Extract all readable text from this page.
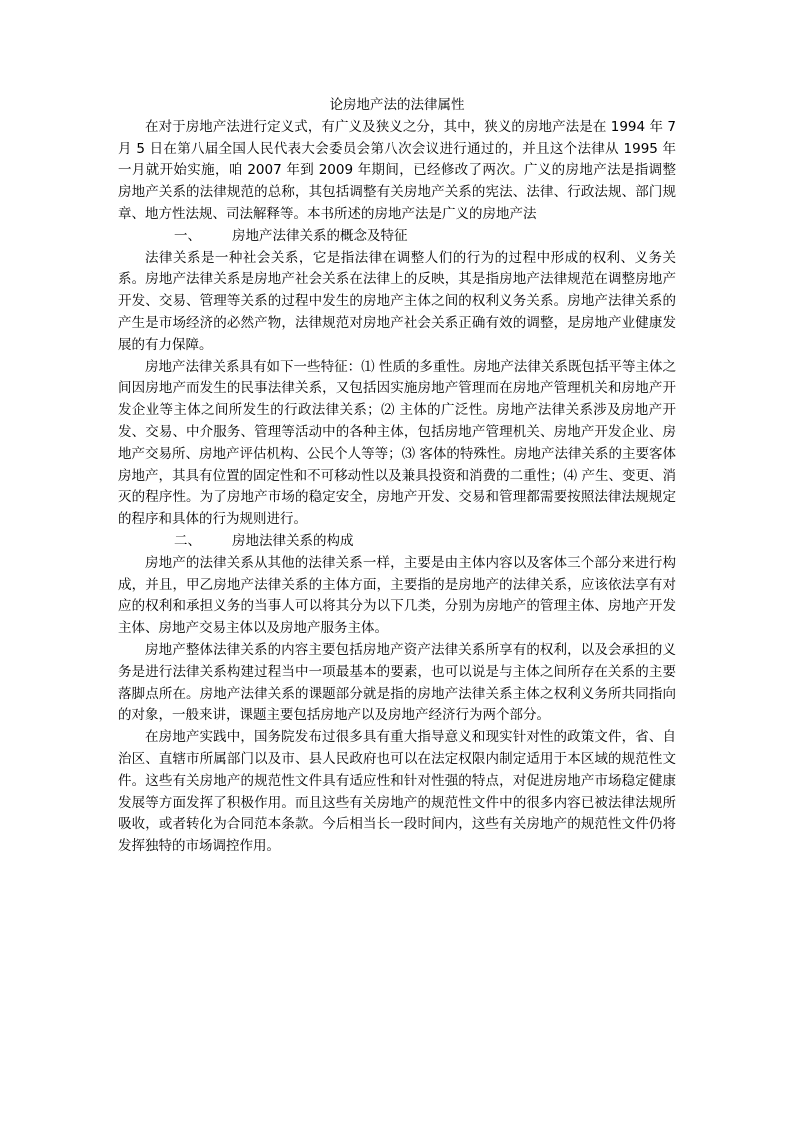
论房地产法的法律属性

在对于房地产法进行定义式，有广义及狭义之分，其中，狭义的房地产法是在 1994 年 7 月 5 日在第八届全国人民代表大会委员会第八次会议进行通过的，并且这个法律从 1995 年一月就开始实施，咱 2007 年到 2009 年期间，已经修改了两次。广义的房地产法是指调整房地产关系的法律规范的总称，其包括调整有关房地产关系的宪法、法律、行政法规、部门规章、地方性法规、司法解释等。本书所述的房地产法是广义的房地产法

一、 房地产法律关系的概念及特征

法律关系是一种社会关系，它是指法律在调整人们的行为的过程中形成的权利、义务关系。房地产法律关系是房地产社会关系在法律上的反映，其是指房地产法律规范在调整房地产开发、交易、管理等关系的过程中发生的房地产主体之间的权利义务关系。房地产法律关系的产生是市场经济的必然产物，法律规范对房地产社会关系正确有效的调整，是房地产业健康发展的有力保障。

房地产法律关系具有如下一些特征：⑴ 性质的多重性。房地产法律关系既包括平等主体之间因房地产而发生的民事法律关系，又包括因实施房地产管理而在房地产管理机关和房地产开发企业等主体之间所发生的行政法律关系；⑵ 主体的广泛性。房地产法律关系涉及房地产开发、交易、中介服务、管理等活动中的各种主体，包括房地产管理机关、房地产开发企业、房地产交易所、房地产评估机构、公民个人等等；⑶ 客体的特殊性。房地产法律关系的主要客体房地产，其具有位置的固定性和不可移动性以及兼具投资和消费的二重性；⑷ 产生、变更、消灭的程序性。为了房地产市场的稳定安全，房地产开发、交易和管理都需要按照法律法规规定的程序和具体的行为规则进行。

二、 房地法律关系的构成

房地产的法律关系从其他的法律关系一样，主要是由主体内容以及客体三个部分来进行构成，并且，甲乙房地产法律关系的主体方面，主要指的是房地产的法律关系，应该依法享有对应的权利和承担义务的当事人可以将其分为以下几类，分别为房地产的管理主体、房地产开发主体、房地产交易主体以及房地产服务主体。

房地产整体法律关系的内容主要包括房地产资产法律关系所享有的权利，以及会承担的义务是进行法律关系构建过程当中一项最基本的要素，也可以说是与主体之间所存在关系的主要落脚点所在。房地产法律关系的课题部分就是指的房地产法律关系主体之权利义务所共同指向的对象，一般来讲，课题主要包括房地产以及房地产经济行为两个部分。

在房地产实践中，国务院发布过很多具有重大指导意义和现实针对性的政策文件，省、自治区、直辖市所属部门以及市、县人民政府也可以在法定权限内制定适用于本区域的规范性文件。这些有关房地产的规范性文件具有适应性和针对性强的特点，对促进房地产市场稳定健康发展等方面发挥了积极作用。而且这些有关房地产的规范性文件中的很多内容已被法律法规所吸收，或者转化为合同范本条款。今后相当长一段时间内，这些有关房地产的规范性文件仍将发挥独特的市场调控作用。
